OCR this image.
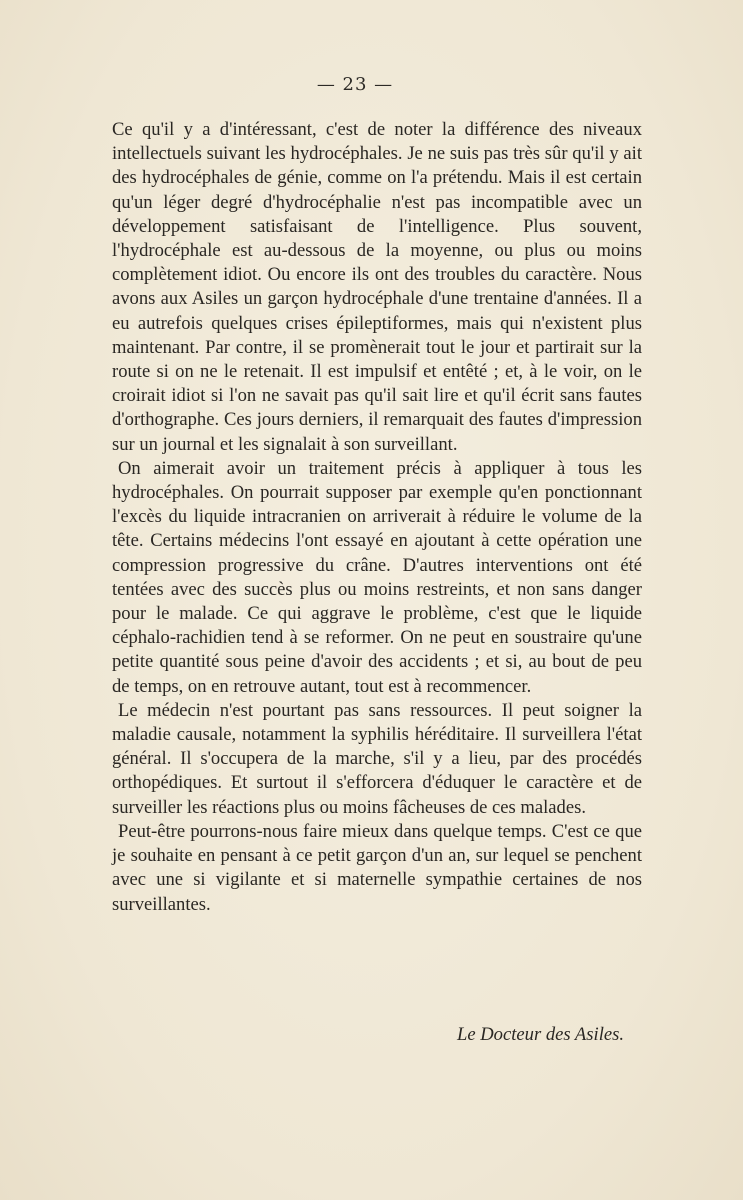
— 23 —

Ce qu'il y a d'intéressant, c'est de noter la différence des niveaux intellectuels suivant les hydrocéphales. Je ne suis pas très sûr qu'il y ait des hydrocéphales de génie, comme on l'a prétendu. Mais il est certain qu'un léger degré d'hydrocéphalie n'est pas incompatible avec un développement satisfaisant de l'intelligence. Plus souvent, l'hydrocéphale est au-dessous de la moyenne, ou plus ou moins complètement idiot. Ou encore ils ont des troubles du caractère. Nous avons aux Asiles un garçon hydrocéphale d'une trentaine d'années. Il a eu autrefois quelques crises épileptiformes, mais qui n'existent plus maintenant. Par contre, il se promènerait tout le jour et partirait sur la route si on ne le retenait. Il est impulsif et entêté ; et, à le voir, on le croirait idiot si l'on ne savait pas qu'il sait lire et qu'il écrit sans fautes d'orthographe. Ces jours derniers, il remarquait des fautes d'impression sur un journal et les signalait à son surveillant.

On aimerait avoir un traitement précis à appliquer à tous les hydrocéphales. On pourrait supposer par exemple qu'en ponctionnant l'excès du liquide intracranien on arriverait à réduire le volume de la tête. Certains médecins l'ont essayé en ajoutant à cette opération une compression progressive du crâne. D'autres interventions ont été tentées avec des succès plus ou moins restreints, et non sans danger pour le malade. Ce qui aggrave le problème, c'est que le liquide céphalo-rachidien tend à se reformer. On ne peut en soustraire qu'une petite quantité sous peine d'avoir des accidents ; et si, au bout de peu de temps, on en retrouve autant, tout est à recommencer.

Le médecin n'est pourtant pas sans ressources. Il peut soigner la maladie causale, notamment la syphilis héréditaire. Il surveillera l'état général. Il s'occupera de la marche, s'il y a lieu, par des procédés orthopédiques. Et surtout il s'efforcera d'éduquer le caractère et de surveiller les réactions plus ou moins fâcheuses de ces malades.

Peut-être pourrons-nous faire mieux dans quelque temps. C'est ce que je souhaite en pensant à ce petit garçon d'un an, sur lequel se penchent avec une si vigilante et si maternelle sympathie certaines de nos surveillantes.

Le Docteur des Asiles.
